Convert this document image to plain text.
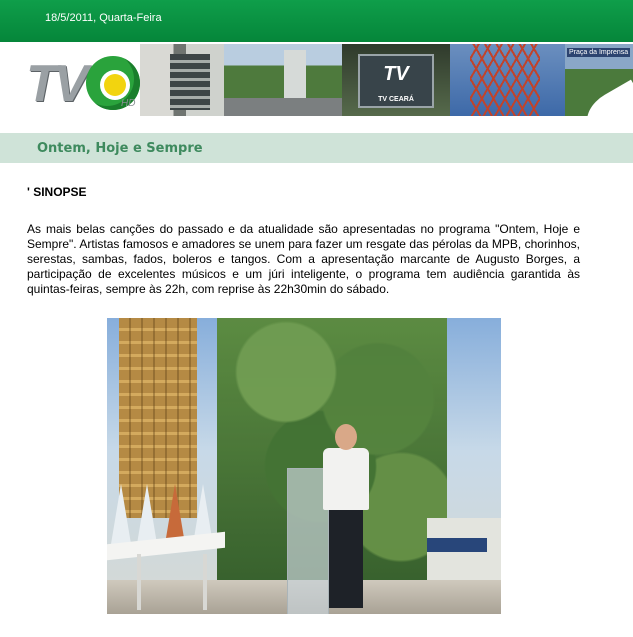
18/5/2011, Quarta-Feira
TV	HD
TV
TV CEARÁ
Praça da Imprensa
Ontem, Hoje e Sempre
' SINOPSE

As mais belas canções do passado e da atualidade são apresentadas no programa "Ontem, Hoje e Sempre". Artistas famosos e amadores se unem para fazer um resgate das pérolas da MPB, chorinhos, serestas, sambas, fados, boleros e tangos. Com a apresentação marcante de Augusto Borges, a participação de excelentes músicos e um júri inteligente, o programa tem audiência garantida às quintas-feiras, sempre às 22h, com reprise às 22h30min do sábado.
